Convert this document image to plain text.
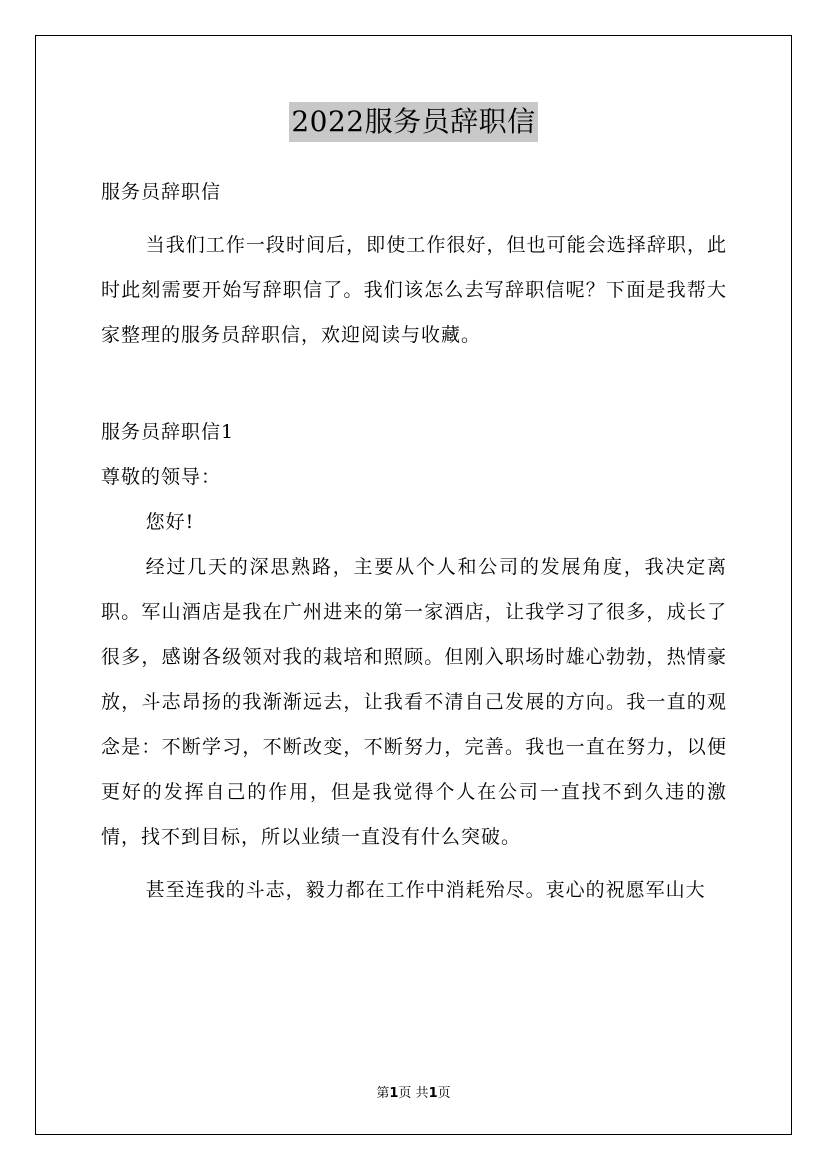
2022服务员辞职信

服务员辞职信

当我们工作一段时间后，即使工作很好，但也可能会选择辞职，此时此刻需要开始写辞职信了。我们该怎么去写辞职信呢？下面是我帮大家整理的服务员辞职信，欢迎阅读与收藏。

服务员辞职信1

尊敬的领导：

您好!

经过几天的深思熟路，主要从个人和公司的发展角度，我决定离职。军山酒店是我在广州进来的第一家酒店，让我学习了很多，成长了很多，感谢各级领对我的栽培和照顾。但刚入职场时雄心勃勃，热情豪放，斗志昂扬的我渐渐远去，让我看不清自己发展的方向。我一直的观念是：不断学习，不断改变，不断努力，完善。我也一直在努力，以便更好的发挥自己的作用，但是我觉得个人在公司一直找不到久违的激情，找不到目标，所以业绩一直没有什么突破。

甚至连我的斗志，毅力都在工作中消耗殆尽。衷心的祝愿军山大

第1页 共1页
